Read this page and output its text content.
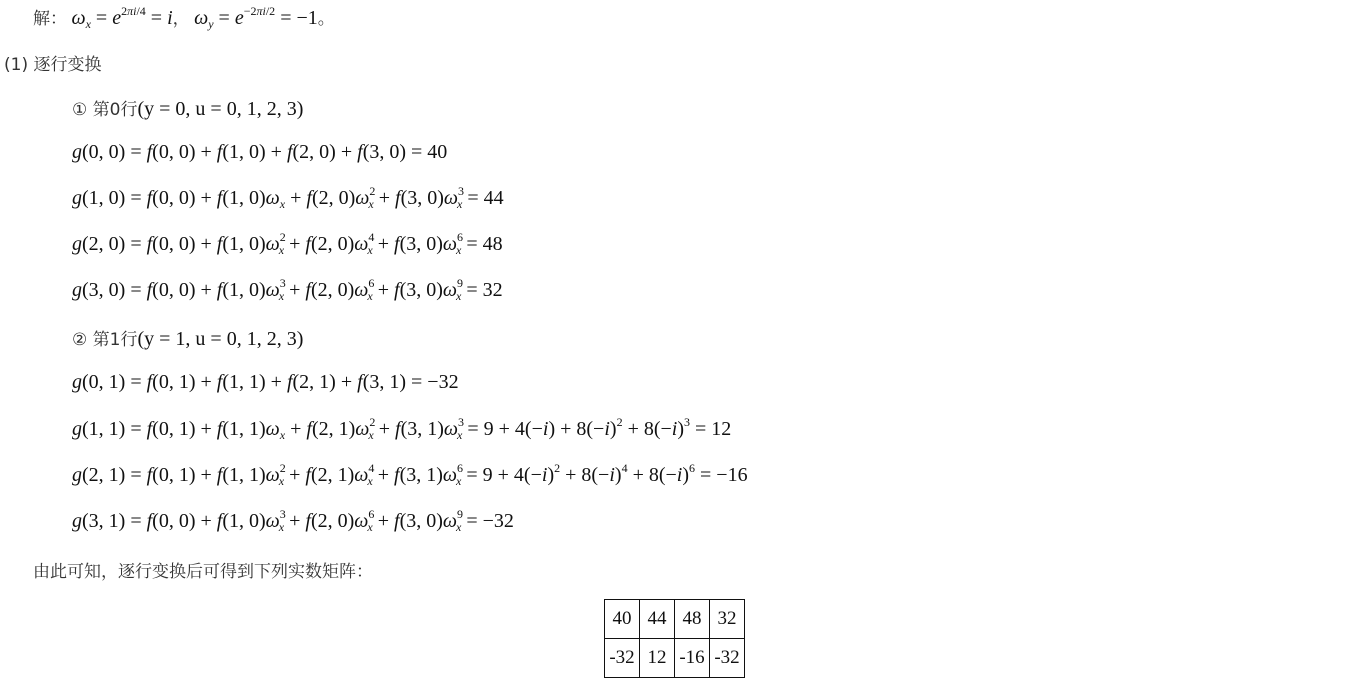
解： $\omega_x = e^{2\pi i/4} = i$， $\omega_y = e^{-2\pi i/2} = -1$。
(1) 逐行变换
① 第0行(y = 0, u = 0, 1, 2, 3)
g(0, 0) = f(0, 0) + f(1, 0) + f(2, 0) + f(3, 0) = 40
g(1, 0) = f(0, 0) + f(1, $0)\omega_x + f(2$, $0)\omega^2_x + f(3$, $0)\omega^3_x = 44$
g(2, 0) = f(0, 0) + f(1, $0)\omega^2_x + f(2$, $0)\omega^4_x + f(3$, $0)\omega^6_x = 48$
g(3, 0) = f(0, 0) + f(1, $0)\omega^3_x + f(2$, $0)\omega^6_x + f(3$, $0)\omega^9_x = 32$
② 第1行(y = 1, u = 0, 1, 2, 3)
g(0, 1) = f(0, 1) + f(1, 1) + f(2, 1) + f(3, 1) = −32
g(1, 1) = f(0, 1) + f(1, $1)\omega_x + f(2$, $1)\omega^2_x + f(3$, $1)\omega^3_x = 9 + 4(-i) + 8(-i)^2 + 8(-i)^3 = 12$
g(2, 1) = f(0, 1) + f(1, $1)\omega^2_x + f(2$, $1)\omega^4_x + f(3$, $1)\omega^6_x = 9 + 4(-i)^2 + 8(-i)^4 + 8(-i)^6 = -16$
g(3, 1) = f(0, 0) + f(1, $0)\omega^3_x + f(2$, $0)\omega^6_x + f(3$, $0)\omega^9_x = -32$
由此可知，逐行变换后可得到下列实数矩阵：
40	44	48	32
-32	12	-16	-32
